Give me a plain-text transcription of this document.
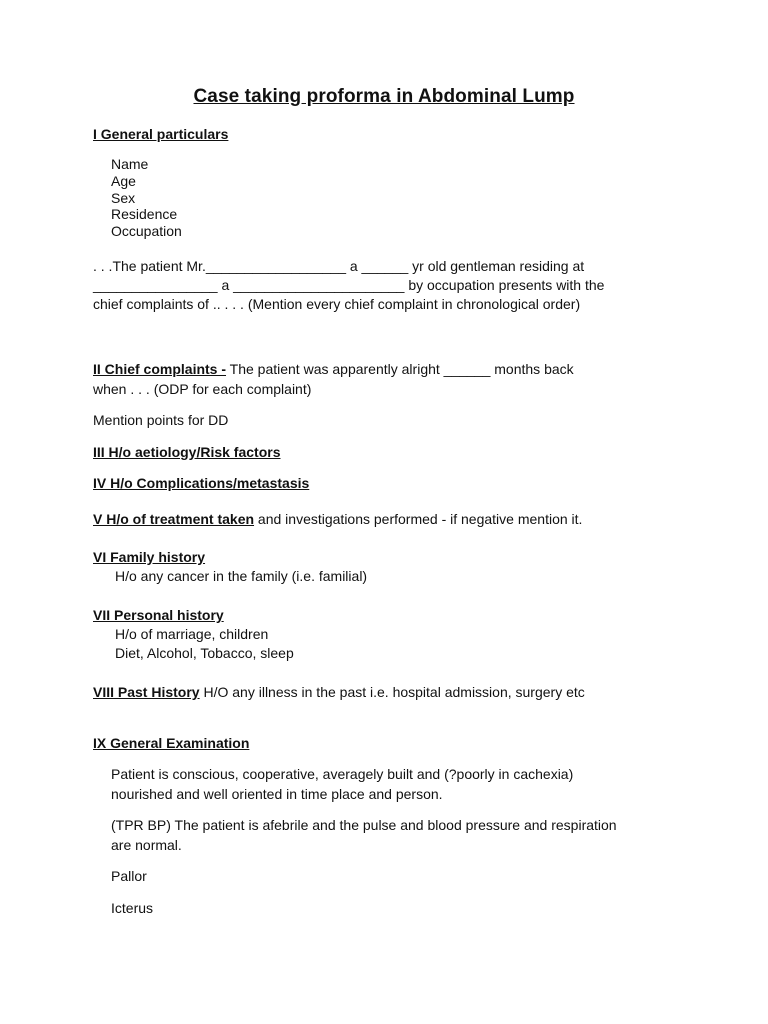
Case taking proforma in Abdominal Lump
I General particulars
Name
Age
Sex
Residence
Occupation
. . .The patient Mr.__________________ a ______ yr old gentleman residing at
________________ a ______________________ by occupation presents with the
chief complaints of .. . . . (Mention every chief complaint in chronological order)
II Chief complaints - The patient was apparently alright ______ months back
when . . . (ODP for each complaint)
Mention points for DD
III H/o aetiology/Risk factors
IV H/o Complications/metastasis
V H/o of treatment taken and investigations performed - if negative mention it.
VI Family history
H/o any cancer in the family (i.e. familial)
VII Personal history
H/o of marriage, children
Diet, Alcohol, Tobacco, sleep
VIII Past History H/O any illness in the past i.e. hospital admission, surgery etc
IX General Examination
Patient is conscious, cooperative, averagely built and (?poorly in cachexia)
nourished and well oriented in time place and person.
(TPR BP) The patient is afebrile and the pulse and blood pressure and respiration
are normal.
Pallor
Icterus
